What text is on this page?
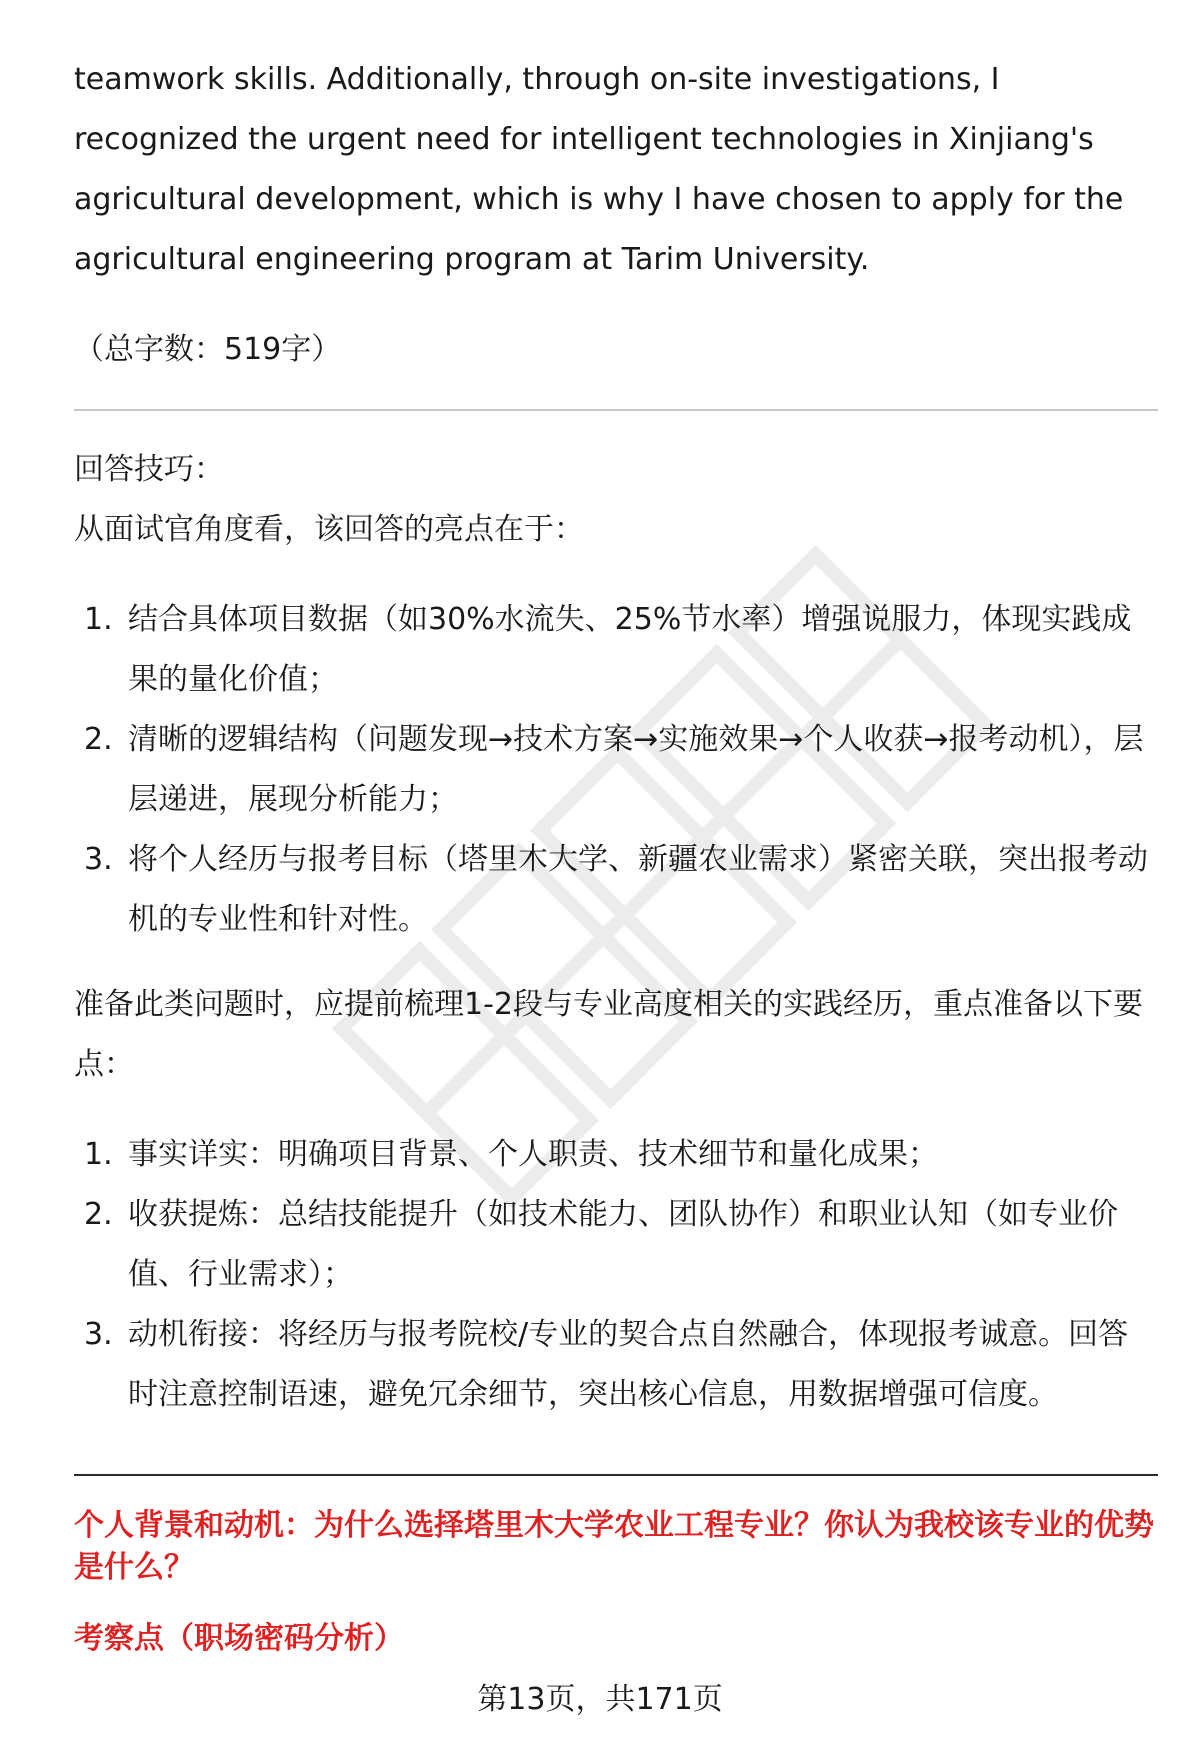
teamwork skills. Additionally, through on-site investigations, I recognized the urgent need for intelligent technologies in Xinjiang's agricultural development, which is why I have chosen to apply for the agricultural engineering program at Tarim University.

（总字数：519字）

回答技巧：

从面试官角度看，该回答的亮点在于：

1. 结合具体项目数据（如30%水流失、25%节水率）增强说服力，体现实践成果的量化价值；
2. 清晰的逻辑结构（问题发现→技术方案→实施效果→个人收获→报考动机），层层递进，展现分析能力；
3. 将个人经历与报考目标（塔里木大学、新疆农业需求）紧密关联，突出报考动机的专业性和针对性。

准备此类问题时，应提前梳理1-2段与专业高度相关的实践经历，重点准备以下要点：

1. 事实详实：明确项目背景、个人职责、技术细节和量化成果；
2. 收获提炼：总结技能提升（如技术能力、团队协作）和职业认知（如专业价值、行业需求）；
3. 动机衔接：将经历与报考院校/专业的契合点自然融合，体现报考诚意。回答时注意控制语速，避免冗余细节，突出核心信息，用数据增强可信度。

个人背景和动机：为什么选择塔里木大学农业工程专业？你认为我校该专业的优势是什么？

考察点（职场密码分析）

第13页，共171页
